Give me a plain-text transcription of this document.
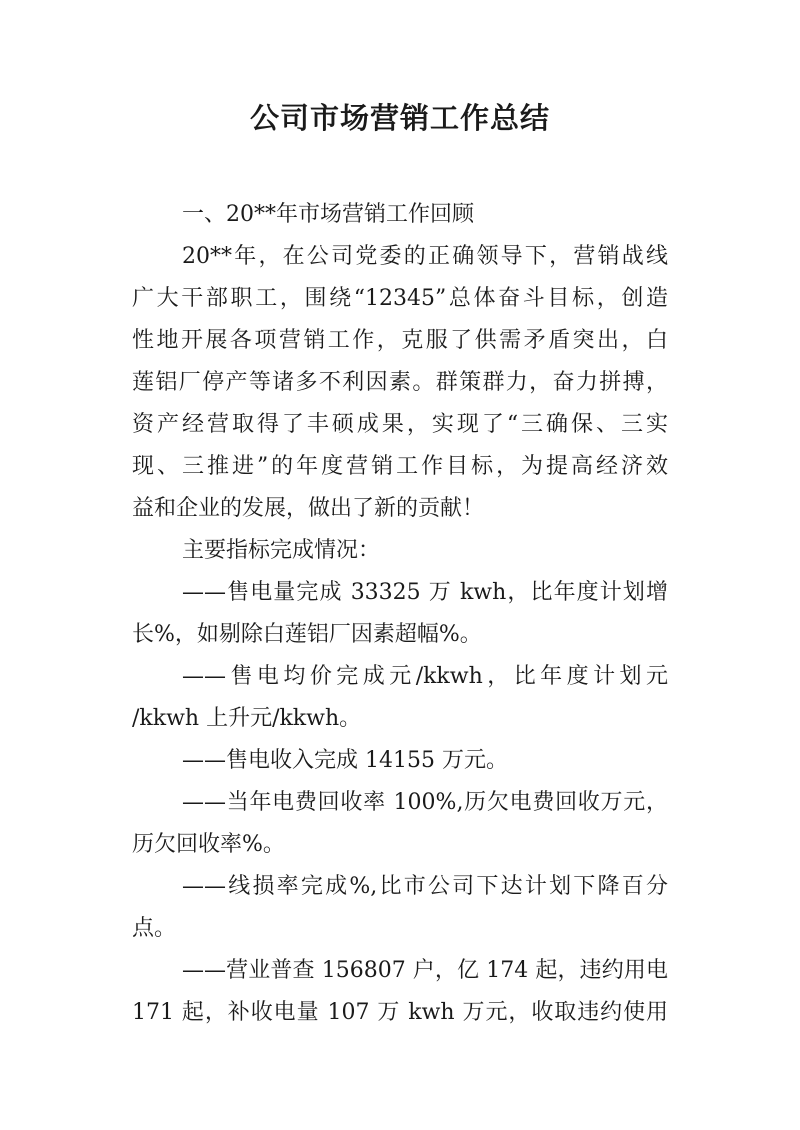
公司市场营销工作总结
一、20**年市场营销工作回顾
20**年，在公司党委的正确领导下，营销战线
广大干部职工，围绕“12345”总体奋斗目标，创造
性地开展各项营销工作，克服了供需矛盾突出，白
莲铝厂停产等诸多不利因素。群策群力，奋力拼搏，
资产经营取得了丰硕成果，实现了“三确保、三实
现、三推进”的年度营销工作目标，为提高经济效
益和企业的发展，做出了新的贡献！
主要指标完成情况：
——售电量完成 33325 万 kwh，比年度计划增
长%，如剔除白莲铝厂因素超幅%。
——售电均价完成元/kkwh，比年度计划元
/kkwh 上升元/kkwh。
——售电收入完成 14155 万元。
——当年电费回收率 100%,历欠电费回收万元，
历欠回收率%。
——线损率完成%,比市公司下达计划下降百分
点。
——营业普查 156807 户，亿 174 起，违约用电
171 起，补收电量 107 万 kwh 万元，收取违约使用
